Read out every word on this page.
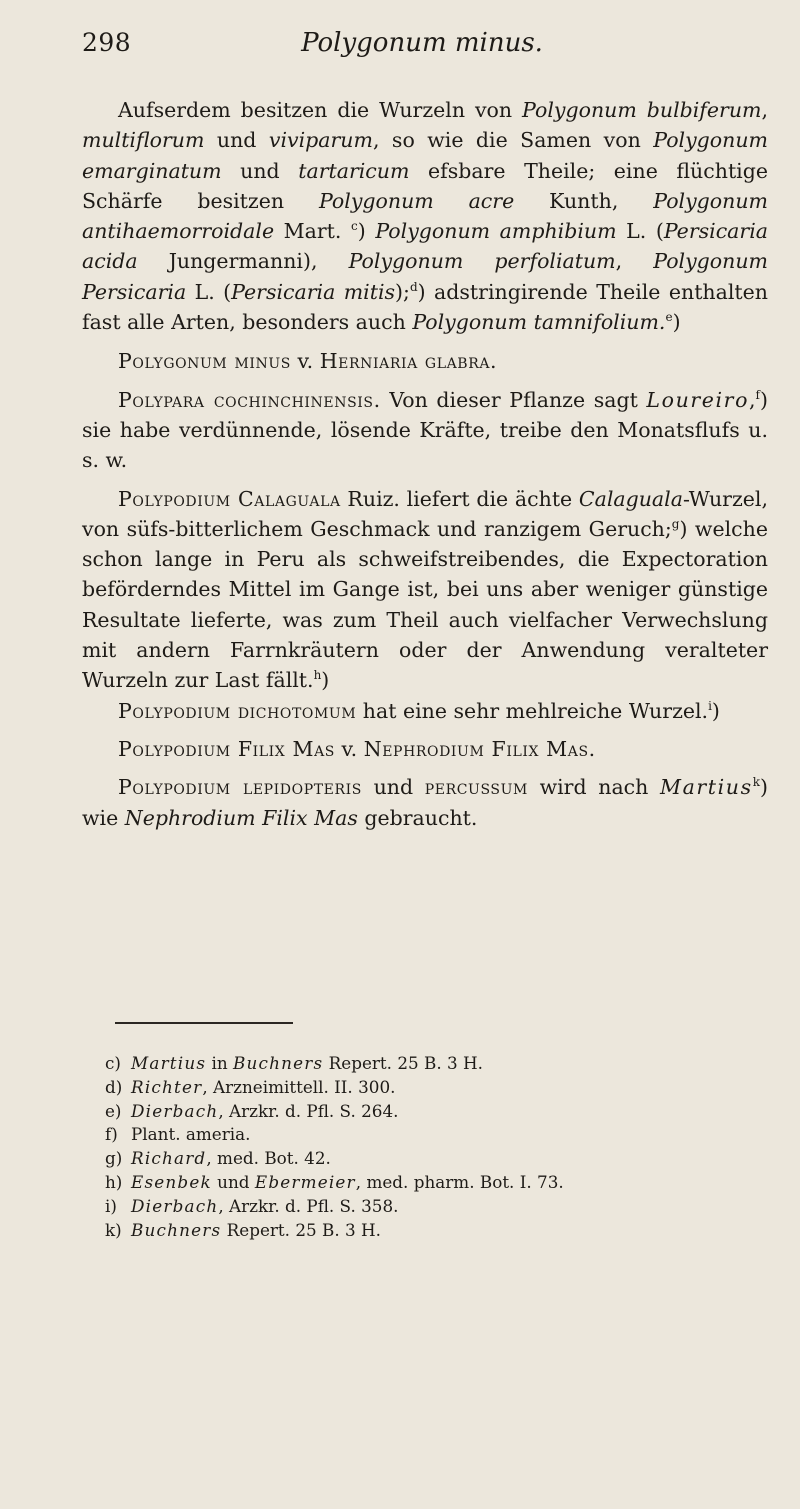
298	Polygonum minus.

Aufserdem besitzen die Wurzeln von Polygonum bulbiferum, multiflorum und viviparum, so wie die Samen von Polygonum emarginatum und tartaricum efsbare Theile; eine flüchtige Schärfe besitzen Polygonum acre Kunth, Polygonum antihaemorroidale Mart. $^c$) Polygonum amphibium L. (Persicaria acida Jungermanni), Polygonum perfoliatum, Polygonum Persicaria L. (Persicaria mitis);$^d$) adstringirende Theile enthalten fast alle Arten, besonders auch Polygonum tamnifolium.$^e$)

Polygonum minus v. Herniaria glabra.

Polypara cochinchinensis. Von dieser Pflanze sagt Loureiro,$^f$) sie habe verdünnende, lösende Kräfte, treibe den Monatsflufs u. s. w.

Polypodium Calaguala Ruiz. liefert die ächte Calaguala-Wurzel, von süfs-bitterlichem Geschmack und ranzigem Geruch;$^g$) welche schon lange in Peru als schweifstreibendes, die Expectoration beförderndes Mittel im Gange ist, bei uns aber weniger günstige Resultate lieferte, was zum Theil auch vielfacher Verwechslung mit andern Farrnkräutern oder der Anwendung veralteter Wurzeln zur Last fällt.$^h$)

Polypodium dichotomum hat eine sehr mehlreiche Wurzel.$^i$)

Polypodium Filix Mas v. Nephrodium Filix Mas.

Polypodium lepidopteris und percussum wird nach Martius$^k$) wie Nephrodium Filix Mas gebraucht.

c) Martius in Buchners Repert. 25 B. 3 H.
d) Richter, Arzneimittell. II. 300.
e) Dierbach, Arzkr. d. Pfl. S. 264.
f) Plant. ameria.
g) Richard, med. Bot. 42.
h) Esenbek und Ebermeier, med. pharm. Bot. I. 73.
i) Dierbach, Arzkr. d. Pfl. S. 358.
k) Buchners Repert. 25 B. 3 H.
